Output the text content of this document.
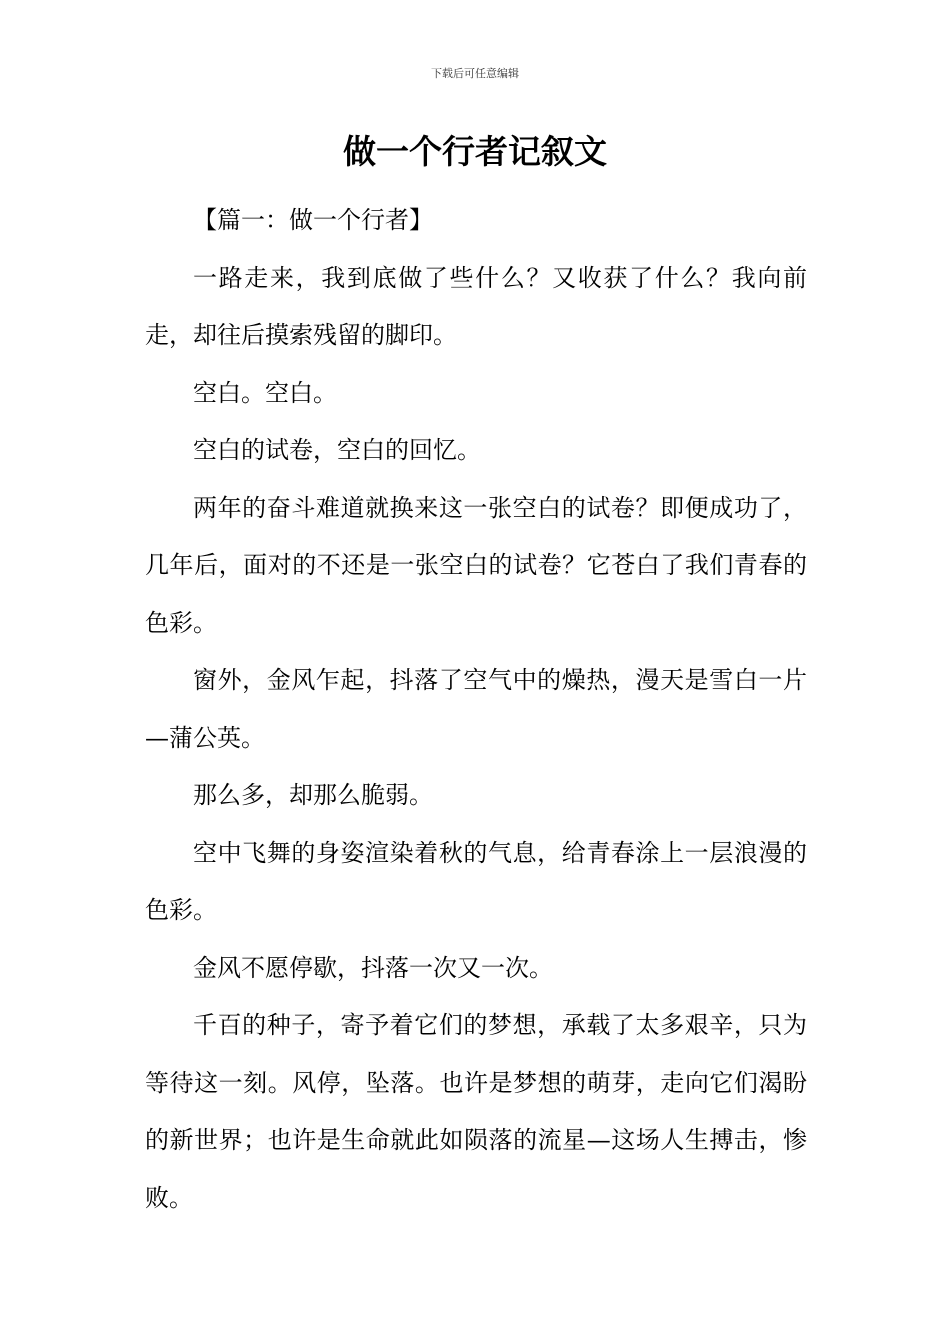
下载后可任意编辑
做一个行者记叙文

【篇一：做一个行者】

一路走来，我到底做了些什么？又收获了什么？我向前走，却往后摸索残留的脚印。

空白。空白。

空白的试卷，空白的回忆。

两年的奋斗难道就换来这一张空白的试卷？即便成功了，几年后，面对的不还是一张空白的试卷？它苍白了我们青春的色彩。

窗外，金风乍起，抖落了空气中的燥热，漫天是雪白一片—蒲公英。

那么多，却那么脆弱。

空中飞舞的身姿渲染着秋的气息，给青春涂上一层浪漫的色彩。

金风不愿停歇，抖落一次又一次。

千百的种子，寄予着它们的梦想，承载了太多艰辛，只为等待这一刻。风停，坠落。也许是梦想的萌芽，走向它们渴盼的新世界；也许是生命就此如陨落的流星—这场人生搏击，惨败。
